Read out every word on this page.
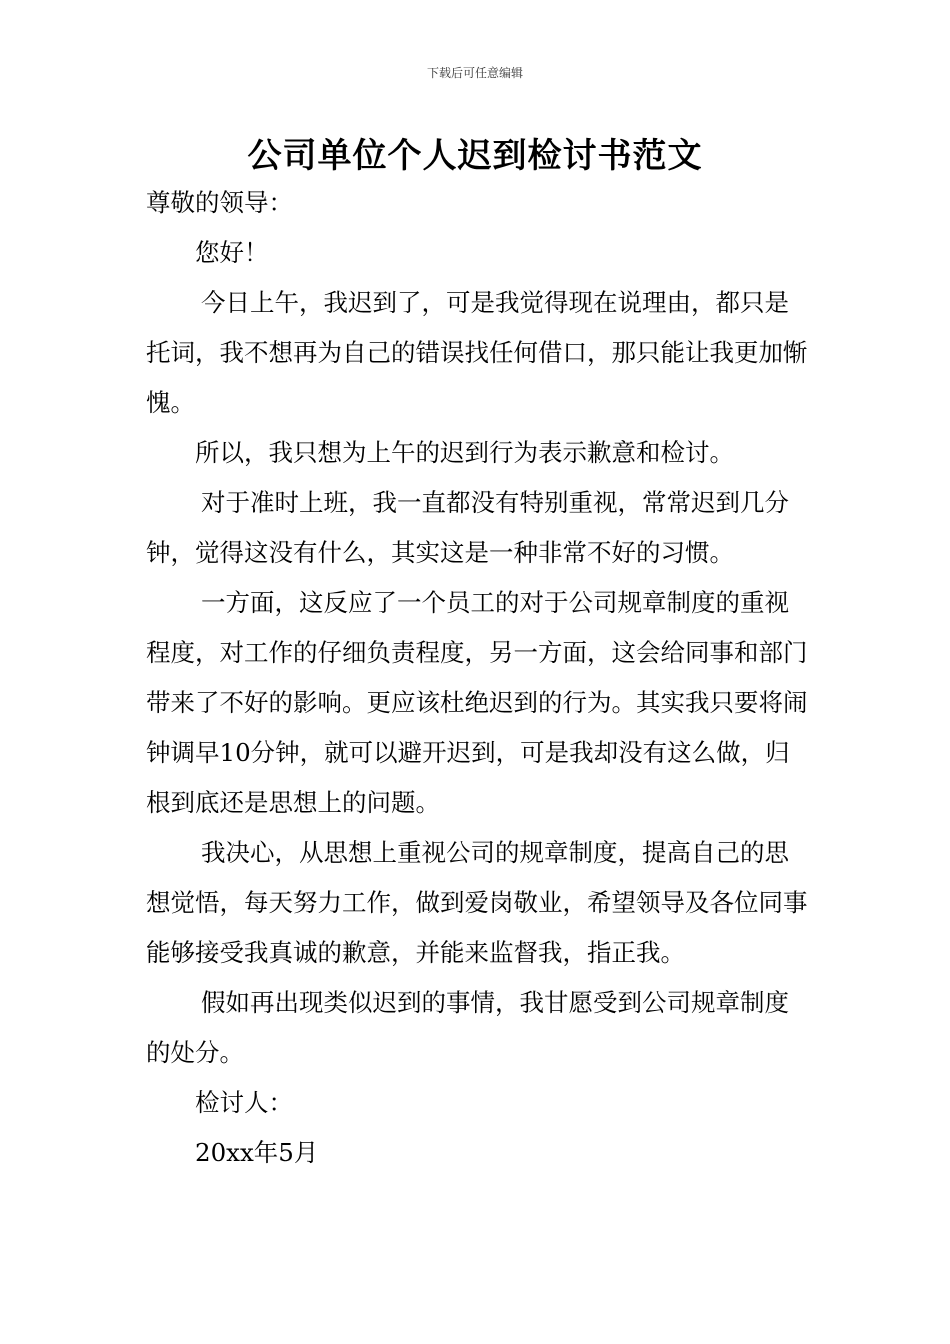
下载后可任意编辑
公司单位个人迟到检讨书范文

尊敬的领导：

您好！

今日上午，我迟到了，可是我觉得现在说理由，都只是托词，我不想再为自己的错误找任何借口，那只能让我更加惭愧。

所以，我只想为上午的迟到行为表示歉意和检讨。

对于准时上班，我一直都没有特别重视，常常迟到几分钟，觉得这没有什么，其实这是一种非常不好的习惯。

一方面，这反应了一个员工的对于公司规章制度的重视程度，对工作的仔细负责程度，另一方面，这会给同事和部门带来了不好的影响。更应该杜绝迟到的行为。其实我只要将闹钟调早10分钟，就可以避开迟到，可是我却没有这么做，归根到底还是思想上的问题。

我决心，从思想上重视公司的规章制度，提高自己的思想觉悟，每天努力工作，做到爱岗敬业，希望领导及各位同事能够接受我真诚的歉意，并能来监督我，指正我。

假如再出现类似迟到的事情，我甘愿受到公司规章制度的处分。

检讨人：

20xx年5月
